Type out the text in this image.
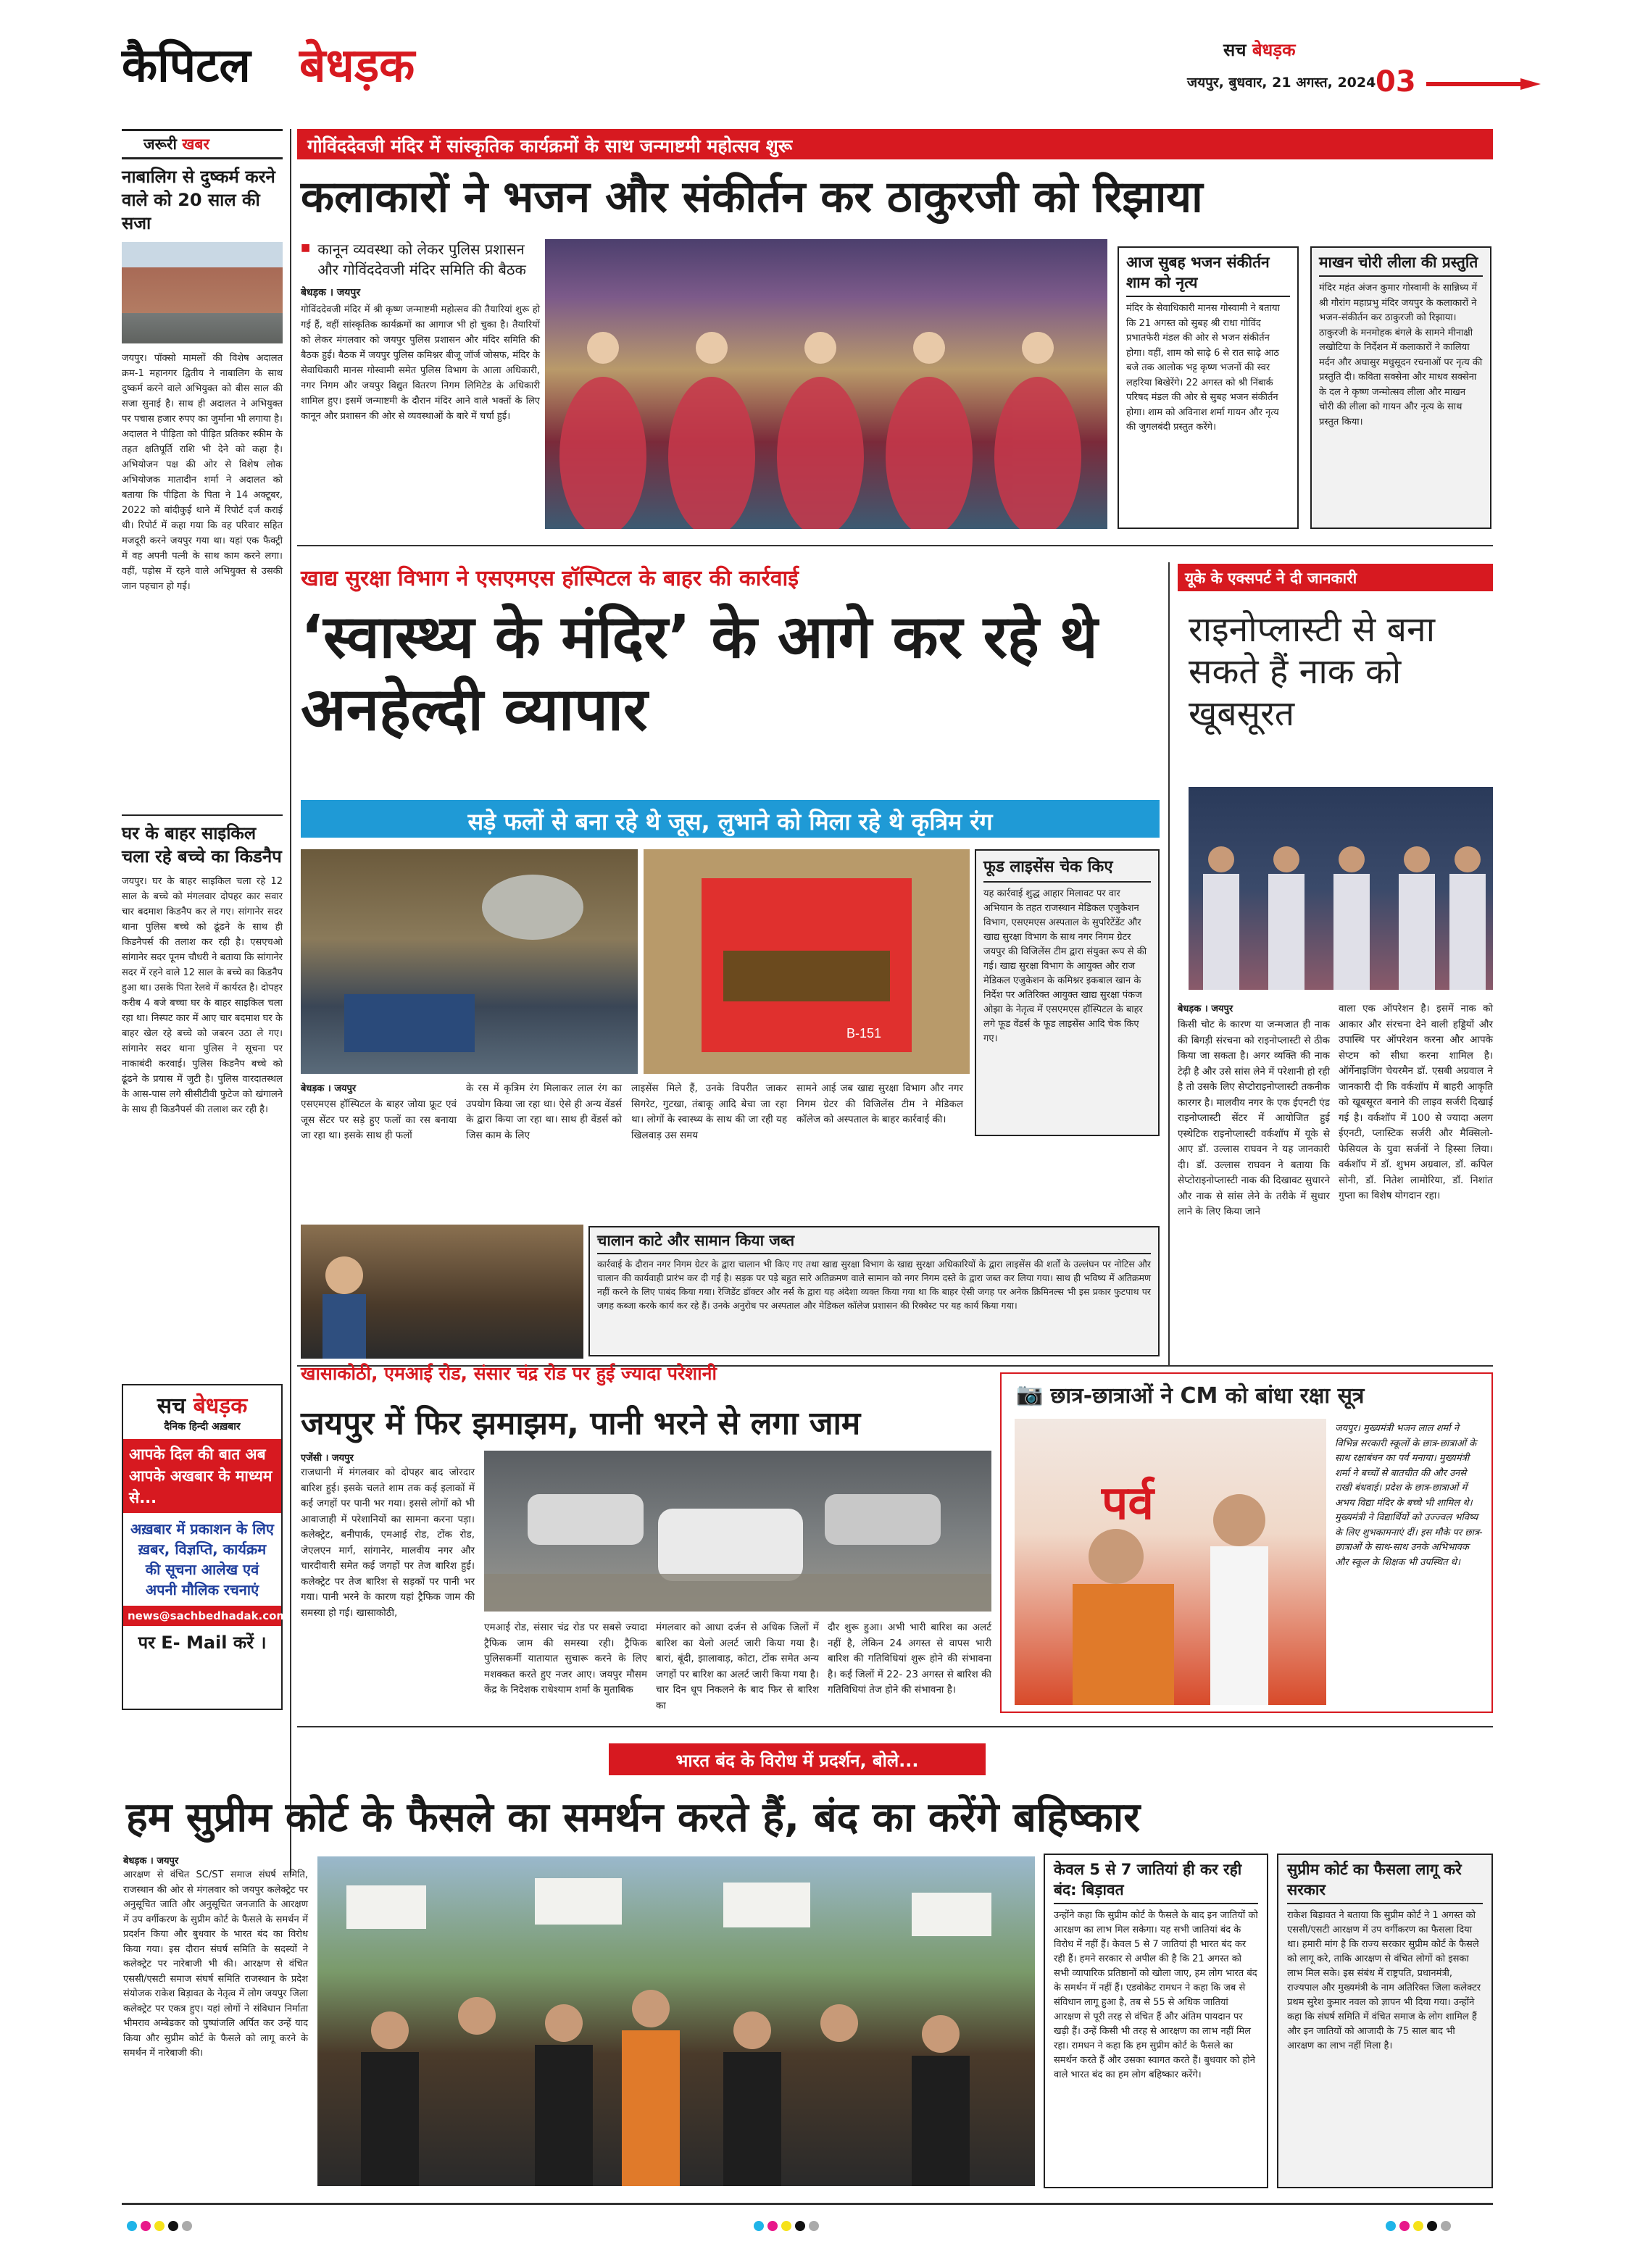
कैपिटल बेधड़क	सच बेधड़क
जयपुर, बुधवार, 21 अगस्त, 2024 03
जरूरी खबर
नाबालिग से दुष्कर्म करने वाले को 20 साल की सजा
जयपुर। पॉक्सो मामलों की विशेष अदालत क्रम-1 महानगर द्वितीय ने नाबालिग के साथ दुष्कर्म करने वाले अभियुक्त को बीस साल की सजा सुनाई है। साथ ही अदालत ने अभियुक्त पर पचास हजार रुपए का जुर्माना भी लगाया है। अदालत ने पीड़िता को पीड़ित प्रतिकर स्कीम के तहत क्षतिपूर्ति राशि भी देने को कहा है। अभियोजन पक्ष की ओर से विशेष लोक अभियोजक मातादीन शर्मा ने अदालत को बताया कि पीड़िता के पिता ने 14 अक्टूबर, 2022 को बांदीकुई थाने में रिपोर्ट दर्ज कराई थी। रिपोर्ट में कहा गया कि वह परिवार सहित मजदूरी करने जयपुर गया था। यहां एक फैक्ट्री में वह अपनी पत्नी के साथ काम करने लगा। वहीं, पड़ोस में रहने वाले अभियुक्त से उसकी जान पहचान हो गई।
घर के बाहर साइकिल चला रहे बच्चे का किडनैप
जयपुर। घर के बाहर साइकिल चला रहे 12 साल के बच्चे को मंगलवार दोपहर कार सवार चार बदमाश किडनैप कर ले गए। सांगानेर सदर थाना पुलिस बच्चे को ढूंढने के साथ ही किडनैपर्स की तलाश कर रही है। एसएचओ सांगानेर सदर पूनम चौधरी ने बताया कि सांगानेर सदर में रहने वाले 12 साल के बच्चे का किडनैप हुआ था। उसके पिता रेलवे में कार्यरत है। दोपहर करीब 4 बजे बच्चा घर के बाहर साइकिल चला रहा था। निस्पट कार में आए चार बदमाश घर के बाहर खेल रहे बच्चे को जबरन उठा ले गए। सांगानेर सदर थाना पुलिस ने सूचना पर नाकाबंदी करवाई। पुलिस किडनैप बच्चे को ढूंढने के प्रयास में जुटी है। पुलिस वारदातस्थल के आस-पास लगे सीसीटीवी फुटेज को खंगालने के साथ ही किडनैपर्स की तलाश कर रही है।
सच बेधड़क
दैनिक हिन्दी अख़बार
आपके दिल की बात अब आपके अखबार के माध्यम से...
अख़बार में प्रकाशन के लिए ख़बर, विज्ञप्ति, कार्यक्रम की सूचना आलेख एवं अपनी मौलिक रचनाएं
news@sachbedhadak.com
पर E- Mail करें ।
गोविंददेवजी मंदिर में सांस्कृतिक कार्यक्रमों के साथ जन्माष्टमी महोत्सव शुरू
कलाकारों ने भजन और संकीर्तन कर ठाकुरजी को रिझाया
■ कानून व्यवस्था को लेकर पुलिस प्रशासन और गोविंददेवजी मंदिर समिति की बैठक
बेधड़क । जयपुर
गोविंददेवजी मंदिर में श्री कृष्ण जन्माष्टमी महोत्सव की तैयारियां शुरू हो गई हैं, वहीं सांस्कृतिक कार्यक्रमों का आगाज भी हो चुका है। तैयारियों को लेकर मंगलवार को जयपुर पुलिस प्रशासन और मंदिर समिति की बैठक हुई। बैठक में जयपुर पुलिस कमिश्नर बीजू जॉर्ज जोसफ, मंदिर के सेवाधिकारी मानस गोस्वामी समेत पुलिस विभाग के आला अधिकारी, नगर निगम और जयपुर विद्युत वितरण निगम लिमिटेड के अधिकारी शामिल हुए। इसमें जन्माष्टमी के दौरान मंदिर आने वाले भक्तों के लिए कानून और प्रशासन की ओर से व्यवस्थाओं के बारे में चर्चा हुई।
आज सुबह भजन संकीर्तन शाम को नृत्य
मंदिर के सेवाधिकारी मानस गोस्वामी ने बताया कि 21 अगस्त को सुबह श्री राधा गोविंद प्रभातफेरी मंडल की ओर से भजन संकीर्तन होगा। वहीं, शाम को साढ़े 6 से रात साढ़े आठ बजे तक आलोक भट्ट कृष्ण भजनों की स्वर लहरिया बिखेरेंगे। 22 अगस्त को श्री निंबार्क परिषद मंडल की ओर से सुबह भजन संकीर्तन होगा। शाम को अविनाश शर्मा गायन और नृत्य की जुगलबंदी प्रस्तुत करेंगे।
माखन चोरी लीला की प्रस्तुति
मंदिर महंत अंजन कुमार गोस्वामी के सान्निध्य में श्री गौरांग महाप्रभु मंदिर जयपुर के कलाकारों ने भजन-संकीर्तन कर ठाकुरजी को रिझाया। ठाकुरजी के मनमोहक बंगले के सामने मीनाक्षी लखोटिया के निर्देशन में कलाकारों ने कालिया मर्दन और अघासुर मधुसूदन रचनाओं पर नृत्य की प्रस्तुति दी। कविता सक्सेना और माधव सक्सेना के दल ने कृष्ण जन्मोत्सव लीला और माखन चोरी की लीला को गायन और नृत्य के साथ प्रस्तुत किया।
खाद्य सुरक्षा विभाग ने एसएमएस हॉस्पिटल के बाहर की कार्रवाई
‘स्वास्थ्य के मंदिर’ के आगे कर रहे थे अनहेल्दी व्यापार
सड़े फलों से बना रहे थे जूस, लुभाने को मिला रहे थे कृत्रिम रंग
B-151
फूड लाइसेंस चेक किए
यह कार्रवाई शुद्ध आहार मिलावट पर वार अभियान के तहत राजस्थान मेडिकल एजुकेशन विभाग, एसएमएस अस्पताल के सुपरिटेंडेंट और खाद्य सुरक्षा विभाग के साथ नगर निगम ग्रेटर जयपुर की विजिलेंस टीम द्वारा संयुक्त रूप से की गई। खाद्य सुरक्षा विभाग के आयुक्त और राज मेडिकल एजुकेशन के कमिश्नर इकबाल खान के निर्देश पर अतिरिक्त आयुक्त खाद्य सुरक्षा पंकज ओझा के नेतृत्व में एसएमएस हॉस्पिटल के बाहर लगे फूड वेंडर्स के फूड लाइसेंस आदि चेक किए गए।
बेधड़क । जयपुर
एसएमएस हॉस्पिटल के बाहर जोया फ्रूट एवं जूस सेंटर पर सड़े हुए फलों का रस बनाया जा रहा था। इसके साथ ही फलों
के रस में कृत्रिम रंग मिलाकर लाल रंग का उपयोग किया जा रहा था। ऐसे ही अन्य वेंडर्स के द्वारा किया जा रहा था। साथ ही वेंडर्स को जिस काम के लिए
लाइसेंस मिले हैं, उनके विपरीत जाकर सिगरेट, गुटखा, तंबाकू आदि बेचा जा रहा था। लोगों के स्वास्थ्य के साथ की जा रही यह खिलवाड़ उस समय
सामने आई जब खाद्य सुरक्षा विभाग और नगर निगम ग्रेटर की विजिलेंस टीम ने मेडिकल कॉलेज को अस्पताल के बाहर कार्रवाई की।
चालान काटे और सामान किया जब्त
कार्रवाई के दौरान नगर निगम ग्रेटर के द्वारा चालान भी किए गए तथा खाद्य सुरक्षा विभाग के खाद्य सुरक्षा अधिकारियों के द्वारा लाइसेंस की शर्तों के उल्लंघन पर नोटिस और चालान की कार्यवाही प्रारंभ कर दी गई है। सड़क पर पड़े बहुत सारे अतिक्रमण वाले सामान को नगर निगम दस्ते के द्वारा जब्त कर लिया गया। साथ ही भविष्य में अतिक्रमण नहीं करने के लिए पाबंद किया गया। रेजिडेंट डॉक्टर और नर्स के द्वारा यह अंदेशा व्यक्त किया गया था कि बाहर ऐसी जगह पर अनेक क्रिमिनल्स भी इस प्रकार फुटपाथ पर जगह कब्जा करके कार्य कर रहे हैं। उनके अनुरोध पर अस्पताल और मेडिकल कॉलेज प्रशासन की रिक्वेस्ट पर यह कार्य किया गया।
यूके के एक्सपर्ट ने दी जानकारी
राइनोप्लास्टी से बना सकते हैं नाक को खूबसूरत
बेधड़क । जयपुर
किसी चोट के कारण या जन्मजात ही नाक की बिगड़ी संरचना को राइनोप्लास्टी से ठीक किया जा सकता है। अगर व्यक्ति की नाक टेढ़ी है और उसे सांस लेने में परेशानी हो रही है तो उसके लिए सेप्टोराइनोप्लास्टी तकनीक कारगर है। मालवीय नगर के एक ईएनटी एंड राइनोप्लास्टी सेंटर में आयोजित हुई एस्थेटिक राइनोप्लास्टी वर्कशॉप में यूके से आए डॉ. उल्लास राघवन ने यह जानकारी दी। डॉ. उल्लास राघवन ने बताया कि सेप्टोराइनोप्लास्टी नाक की दिखावट सुधारने और नाक से सांस लेने के तरीके में सुधार लाने के लिए किया जाने
वाला एक ऑपरेशन है। इसमें नाक को आकार और संरचना देने वाली हड्डियों और उपास्थि पर ऑपरेशन करना और आपके सेप्टम को सीधा करना शामिल है। ऑर्गेनाइजिंग चेयरमैन डॉ. एसबी अग्रवाल ने जानकारी दी कि वर्कशॉप में बाहरी आकृति को खूबसूरत बनाने की लाइव सर्जरी दिखाई गई है। वर्कशॉप में 100 से ज्यादा अलग ईएनटी, प्लास्टिक सर्जरी और मैक्सिलो-फेसियल के युवा सर्जनों ने हिस्सा लिया। वर्कशॉप में डॉ. शुभम अग्रवाल, डॉ. कपिल सोनी, डॉ. नितेश लामोरिया, डॉ. निशांत गुप्ता का विशेष योगदान रहा।
खासाकोठी, एमआई रोड, संसार चंद्र रोड पर हुई ज्यादा परेशानी
जयपुर में फिर झमाझम, पानी भरने से लगा जाम
एजेंसी । जयपुर
राजधानी में मंगलवार को दोपहर बाद जोरदार बारिश हुई। इसके चलते शाम तक कई इलाकों में कई जगहों पर पानी भर गया। इससे लोगों को भी आवाजाही में परेशानियों का सामना करना पड़ा। कलेक्ट्रेट, बनीपार्क, एमआई रोड, टोंक रोड, जेएलएन मार्ग, सांगानेर, मालवीय नगर और चारदीवारी समेत कई जगहों पर तेज बारिश हुई। कलेक्ट्रेट पर तेज बारिश से सड़कों पर पानी भर गया। पानी भरने के कारण यहां ट्रैफिक जाम की समस्या हो गई। खासाकोठी,
एमआई रोड, संसार चंद्र रोड पर सबसे ज्यादा ट्रैफिक जाम की समस्या रही। ट्रैफिक पुलिसकर्मी यातायात सुचारू करने के लिए मशक्कत करते हुए नजर आए। जयपुर मौसम केंद्र के निदेशक राधेश्याम शर्मा के मुताबिक
मंगलवार को आधा दर्जन से अधिक जिलों में बारिश का येलो अलर्ट जारी किया गया है। बारां, बूंदी, झालावाड़, कोटा, टोंक समेत अन्य जगहों पर बारिश का अलर्ट जारी किया गया है। चार दिन धूप निकलने के बाद फिर से बारिश का
दौर शुरू हुआ। अभी भारी बारिश का अलर्ट नहीं है, लेकिन 24 अगस्त से वापस भारी बारिश की गतिविधियां शुरू होने की संभावना है। कई जिलों में 22- 23 अगस्त से बारिश की गतिविधियां तेज होने की संभावना है।
📷 छात्र-छात्राओं ने CM को बांधा रक्षा सूत्र
पर्व
जयपुर। मुख्यमंत्री भजन लाल शर्मा ने विभिन्न सरकारी स्कूलों के छात्र-छात्राओं के साथ रक्षाबंधन का पर्व मनाया। मुख्यमंत्री शर्मा ने बच्चों से बातचीत की और उनसे राखी बंधवाई। प्रदेश के छात्र-छात्राओं में अभय विद्या मंदिर के बच्चे भी शामिल थे। मुख्यमंत्री ने विद्यार्थियों को उज्ज्वल भविष्य के लिए शुभकामनाएं दीं। इस मौके पर छात्र-छात्राओं के साथ-साथ उनके अभिभावक और स्कूल के शिक्षक भी उपस्थित थे।
भारत बंद के विरोध में प्रदर्शन, बोले...
हम सुप्रीम कोर्ट के फैसले का समर्थन करते हैं, बंद का करेंगे बहिष्कार
बेधड़क । जयपुर
आरक्षण से वंचित SC/ST समाज संघर्ष समिति, राजस्थान की ओर से मंगलवार को जयपुर कलेक्ट्रेट पर अनुसूचित जाति और अनुसूचित जनजाति के आरक्षण में उप वर्गीकरण के सुप्रीम कोर्ट के फैसले के समर्थन में प्रदर्शन किया और बुधवार के भारत बंद का विरोध किया गया। इस दौरान संघर्ष समिति के सदस्यों ने कलेक्ट्रेट पर नारेबाजी भी की। आरक्षण से वंचित एससी/एसटी समाज संघर्ष समिति राजस्थान के प्रदेश संयोजक राकेश बिड़ावत के नेतृत्व में लोग जयपुर जिला कलेक्ट्रेट पर एकत्र हुए। यहां लोगों ने संविधान निर्माता भीमराव अम्बेडकर को पुष्पांजलि अर्पित कर उन्हें याद किया और सुप्रीम कोर्ट के फैसले को लागू करने के समर्थन में नारेबाजी की।
केवल 5 से 7 जातियां ही कर रही बंद: बिड़ावत
उन्होंने कहा कि सुप्रीम कोर्ट के फैसले के बाद इन जातियों को आरक्षण का लाभ मिल सकेगा। यह सभी जातियां बंद के विरोध में नहीं हैं। केवल 5 से 7 जातियां ही भारत बंद कर रही हैं। हमने सरकार से अपील की है कि 21 अगस्त को सभी व्यापारिक प्रतिष्ठानों को खोला जाए, हम लोग भारत बंद के समर्थन में नहीं हैं। एडवोकेट रामधन ने कहा कि जब से संविधान लागू हुआ है, तब से 55 से अधिक जातियां आरक्षण से पूरी तरह से वंचित हैं और अंतिम पायदान पर खड़ी हैं। उन्हें किसी भी तरह से आरक्षण का लाभ नहीं मिल रहा। रामधन ने कहा कि हम सुप्रीम कोर्ट के फैसले का समर्थन करते हैं और उसका स्वागत करते हैं। बुधवार को होने वाले भारत बंद का हम लोग बहिष्कार करेंगे।
सुप्रीम कोर्ट का फैसला लागू करे सरकार
राकेश बिड़ावत ने बताया कि सुप्रीम कोर्ट ने 1 अगस्त को एससी/एसटी आरक्षण में उप वर्गीकरण का फैसला दिया था। हमारी मांग है कि राज्य सरकार सुप्रीम कोर्ट के फैसले को लागू करे, ताकि आरक्षण से वंचित लोगों को इसका लाभ मिल सके। इस संबंध में राष्ट्रपति, प्रधानमंत्री, राज्यपाल और मुख्यमंत्री के नाम अतिरिक्त जिला कलेक्टर प्रथम सुरेश कुमार नवल को ज्ञापन भी दिया गया। उन्होंने कहा कि संघर्ष समिति में वंचित समाज के लोग शामिल हैं और इन जातियों को आजादी के 75 साल बाद भी आरक्षण का लाभ नहीं मिला है।
